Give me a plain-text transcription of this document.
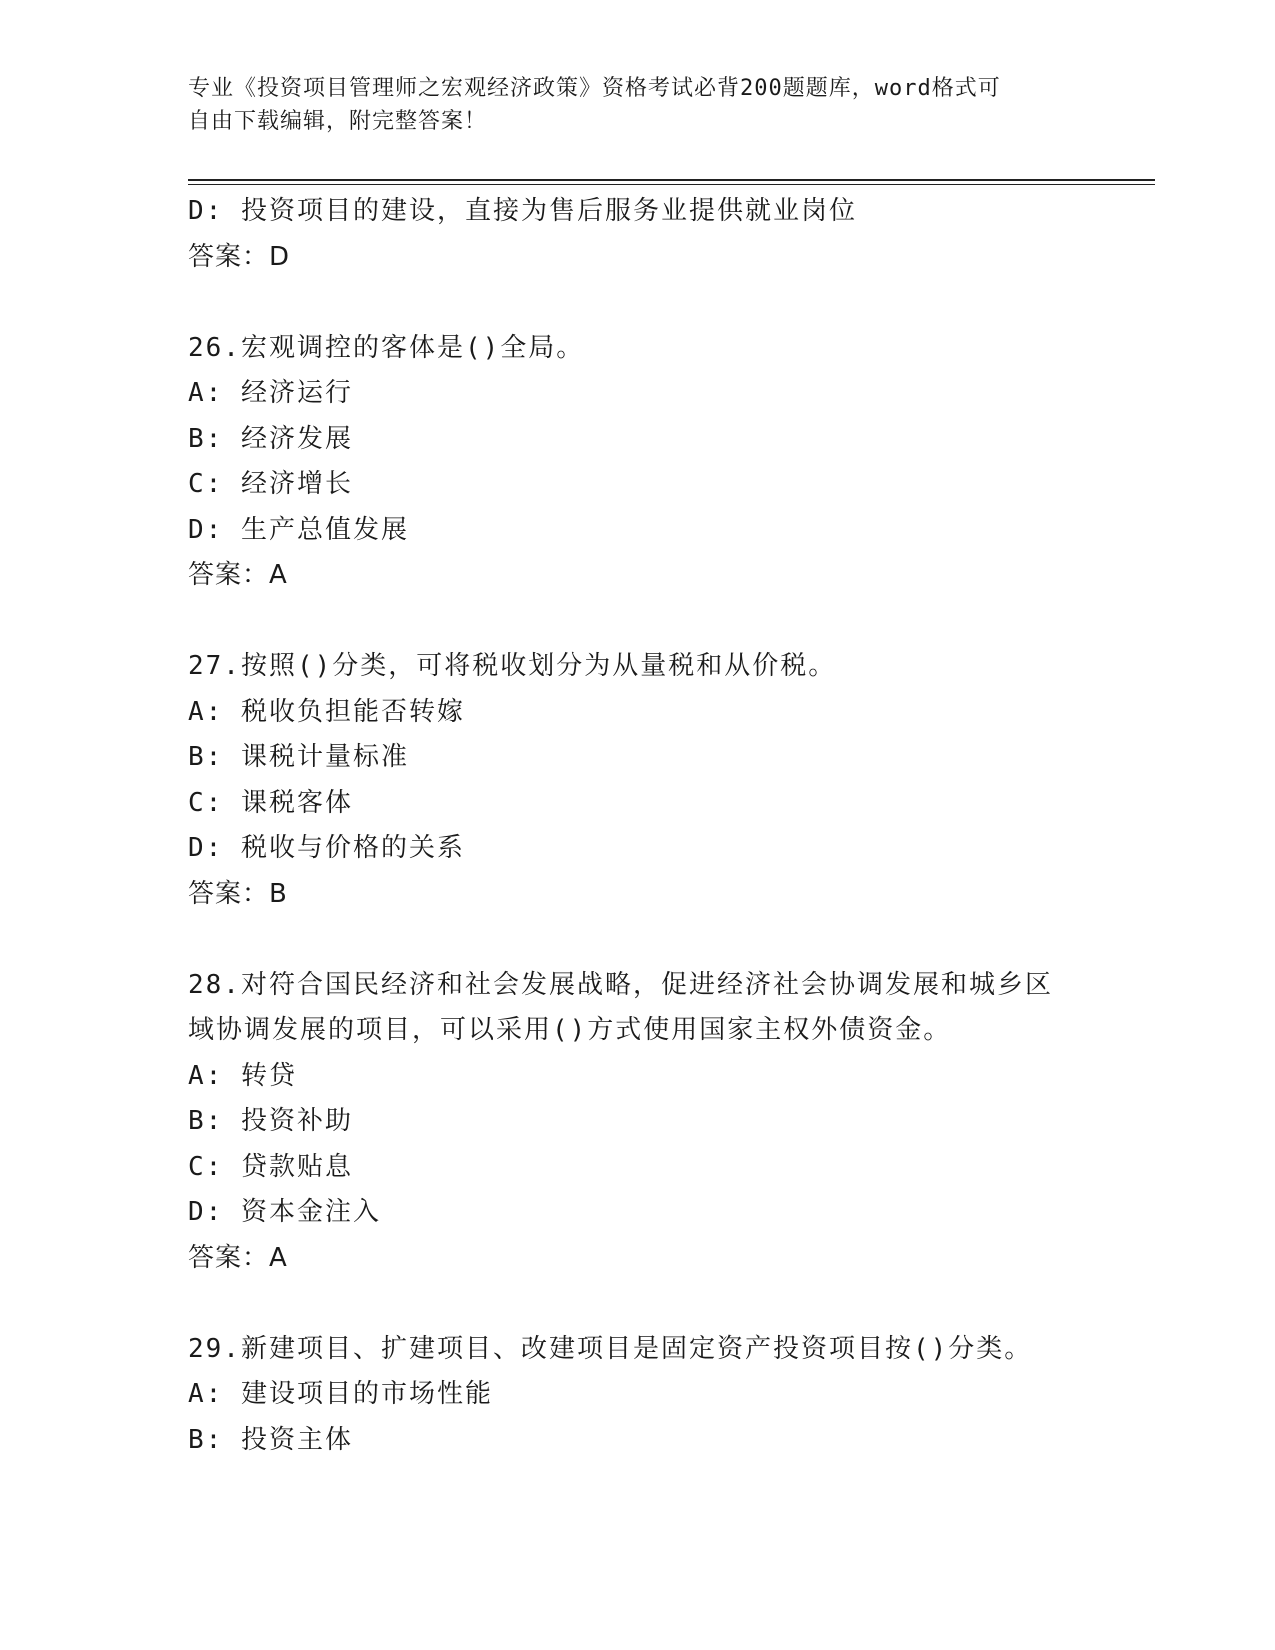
专业《投资项目管理师之宏观经济政策》资格考试必背200题题库，word格式可
自由下载编辑，附完整答案！
D: 投资项目的建设，直接为售后服务业提供就业岗位
答案：D
26.宏观调控的客体是()全局。
A: 经济运行
B: 经济发展
C: 经济增长
D: 生产总值发展
答案：A
27.按照()分类，可将税收划分为从量税和从价税。
A: 税收负担能否转嫁
B: 课税计量标准
C: 课税客体
D: 税收与价格的关系
答案：B
28.对符合国民经济和社会发展战略，促进经济社会协调发展和城乡区
域协调发展的项目，可以采用()方式使用国家主权外债资金。
A: 转贷
B: 投资补助
C: 贷款贴息
D: 资本金注入
答案：A
29.新建项目、扩建项目、改建项目是固定资产投资项目按()分类。
A: 建设项目的市场性能
B: 投资主体
